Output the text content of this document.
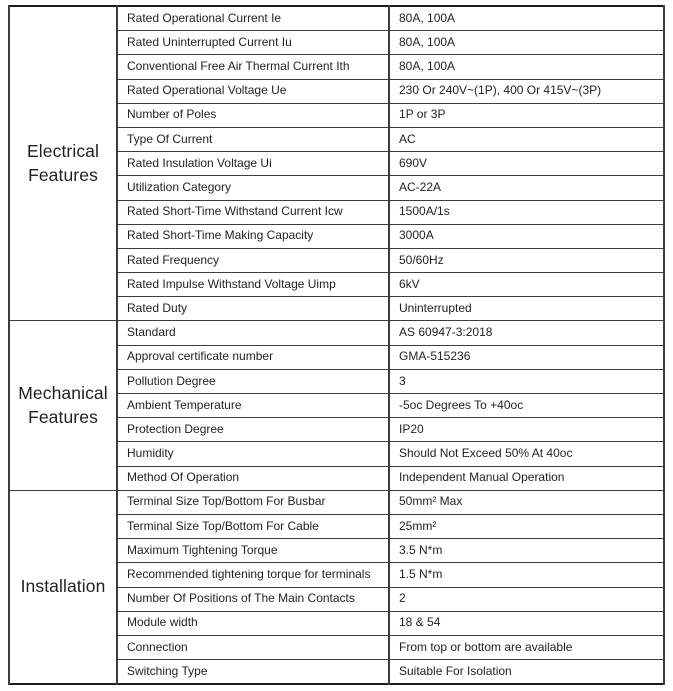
Electrical Features	Rated Operational Current Ie	80A, 100A
	Rated Uninterrupted Current Iu	80A, 100A
	Conventional Free Air Thermal Current Ith	80A, 100A
	Rated Operational Voltage Ue	230 Or 240V~(1P), 400 Or 415V~(3P)
	Number of Poles	1P or 3P
	Type Of Current	AC
	Rated Insulation Voltage Ui	690V
	Utilization Category	AC-22A
	Rated Short-Time Withstand Current Icw	1500A/1s
	Rated Short-Time Making Capacity	3000A
	Rated Frequency	50/60Hz
	Rated Impulse Withstand Voltage Uimp	6kV
	Rated Duty	Uninterrupted
Mechanical Features	Standard	AS 60947-3:2018
	Approval certificate number	GMA-515236
	Pollution Degree	3
	Ambient Temperature	-5oc Degrees To +40oc
	Protection Degree	IP20
	Humidity	Should Not Exceed 50% At 40oc
	Method Of Operation	Independent Manual Operation
Installation	Terminal Size Top/Bottom For Busbar	50mm² Max
	Terminal Size Top/Bottom For Cable	25mm²
	Maximum Tightening Torque	3.5 N*m
	Recommended tightening torque for terminals	1.5 N*m
	Number Of Positions of The Main Contacts	2
	Module width	18 & 54
	Connection	From top or bottom are available
	Switching Type	Suitable For Isolation
